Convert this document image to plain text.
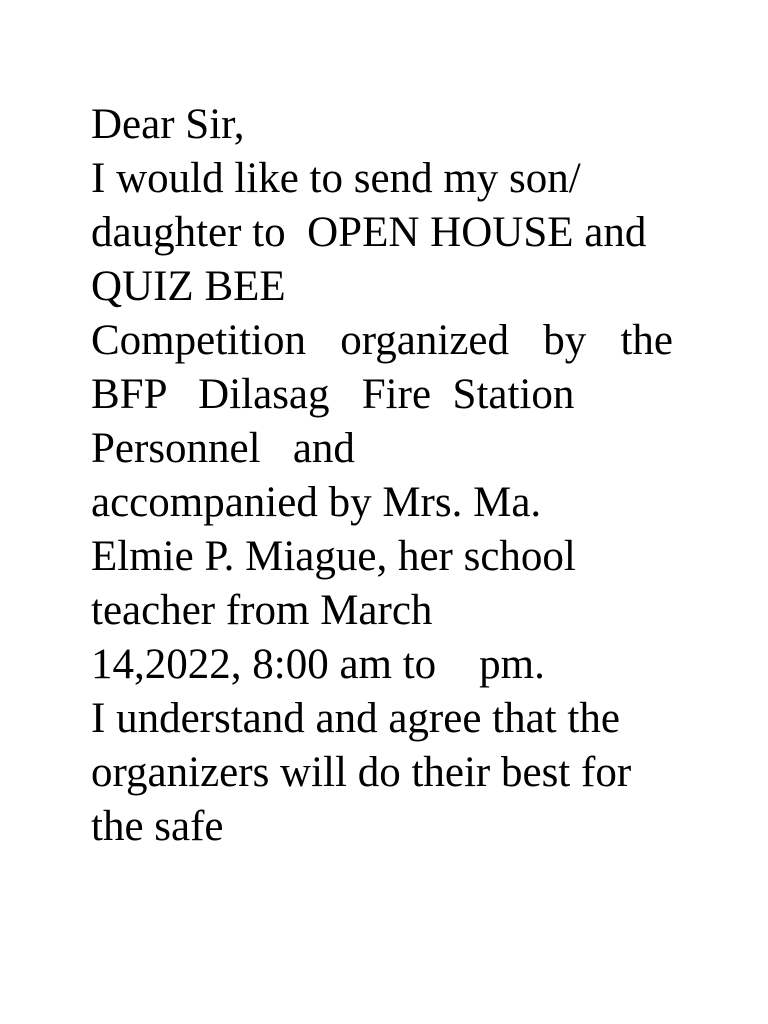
Dear Sir,
I would like to send my son/
daughter to  OPEN HOUSE and
QUIZ BEE
Competition organized by the
BFP   Dilasag   Fire  Station
Personnel   and
accompanied by Mrs. Ma.
Elmie P. Miague, her school
teacher from March
14,2022, 8:00 am to    pm.
I understand and agree that the
organizers will do their best for
the safe
